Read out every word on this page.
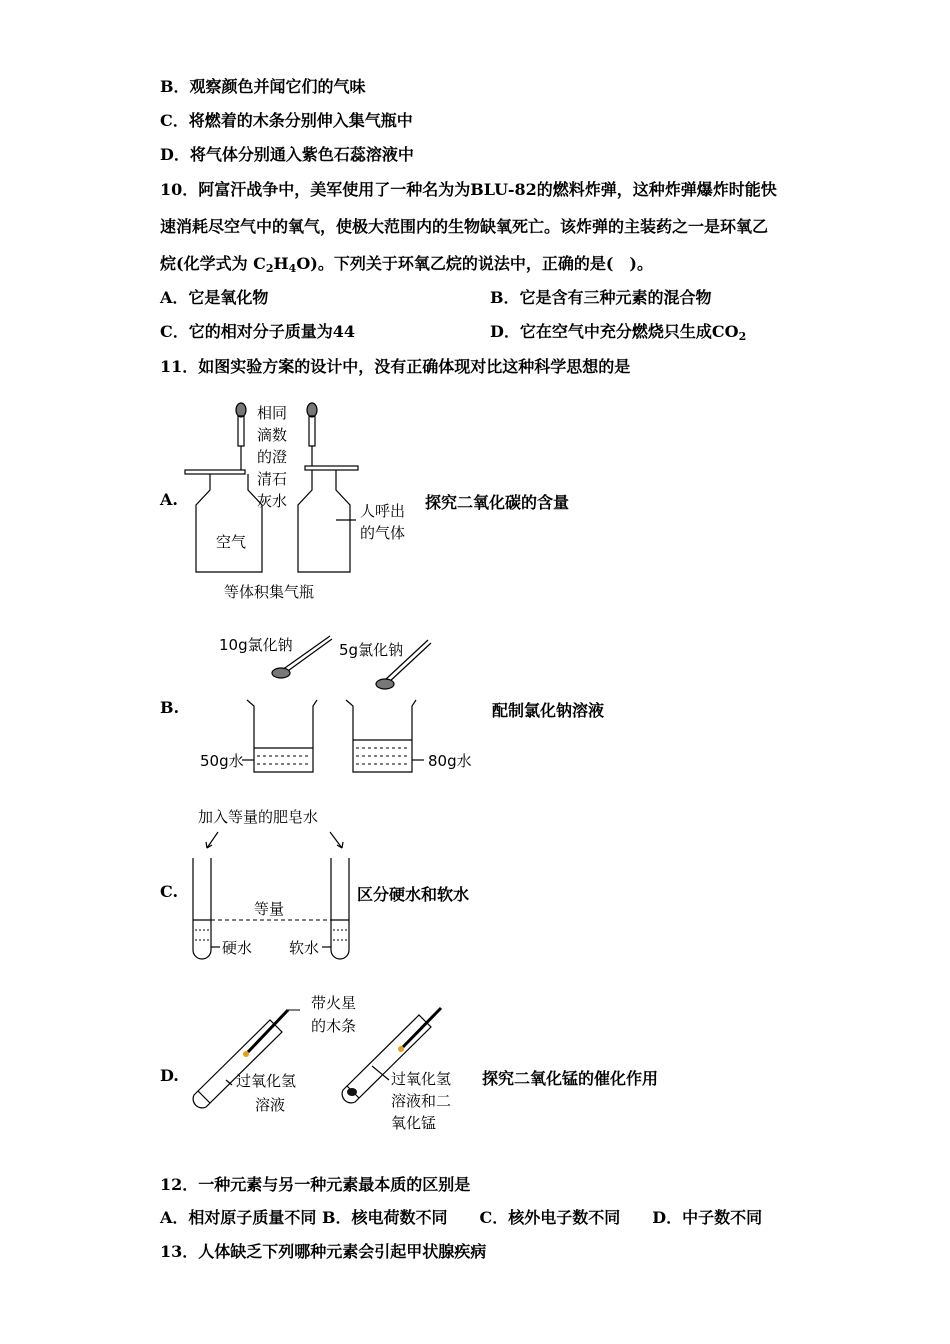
B．观察颜色并闻它们的气味
C．将燃着的木条分别伸入集气瓶中
D．将气体分别通入紫色石蕊溶液中
10．阿富汗战争中，美军使用了一种名为为BLU-82的燃料炸弹，这种炸弹爆炸时能快
速消耗尽空气中的氧气，使极大范围内的生物缺氧死亡。该炸弹的主装药之一是环氧乙
烷(化学式为 $C_2H_4O$)。下列关于环氧乙烷的说法中，正确的是(　)。
A．它是氧化物	B．它是含有三种元素的混合物
C．它的相对分子质量为44	D．它在空气中充分燃烧只生成$CO_2$
11．如图实验方案的设计中，没有正确体现对比这种科学思想的是
A.	探究二氧化碳的含量
相同
滴数
的澄
清石
灰水
空气
人呼出
的气体
等体积集气瓶
B.	配制氯化钠溶液
10g氯化钠	5g氯化钠
50g水	80g水
C.	区分硬水和软水
加入等量的肥皂水
等量
硬水 软水
D.	探究二氧化锰的催化作用
带火星
的木条
过氧化氢
溶液
过氧化氢
溶液和二
氧化锰
12．一种元素与另一种元素最本质的区别是
A．相对原子质量不同 B．核电荷数不同　　C．核外电子数不同　　D．中子数不同
13．人体缺乏下列哪种元素会引起甲状腺疾病
